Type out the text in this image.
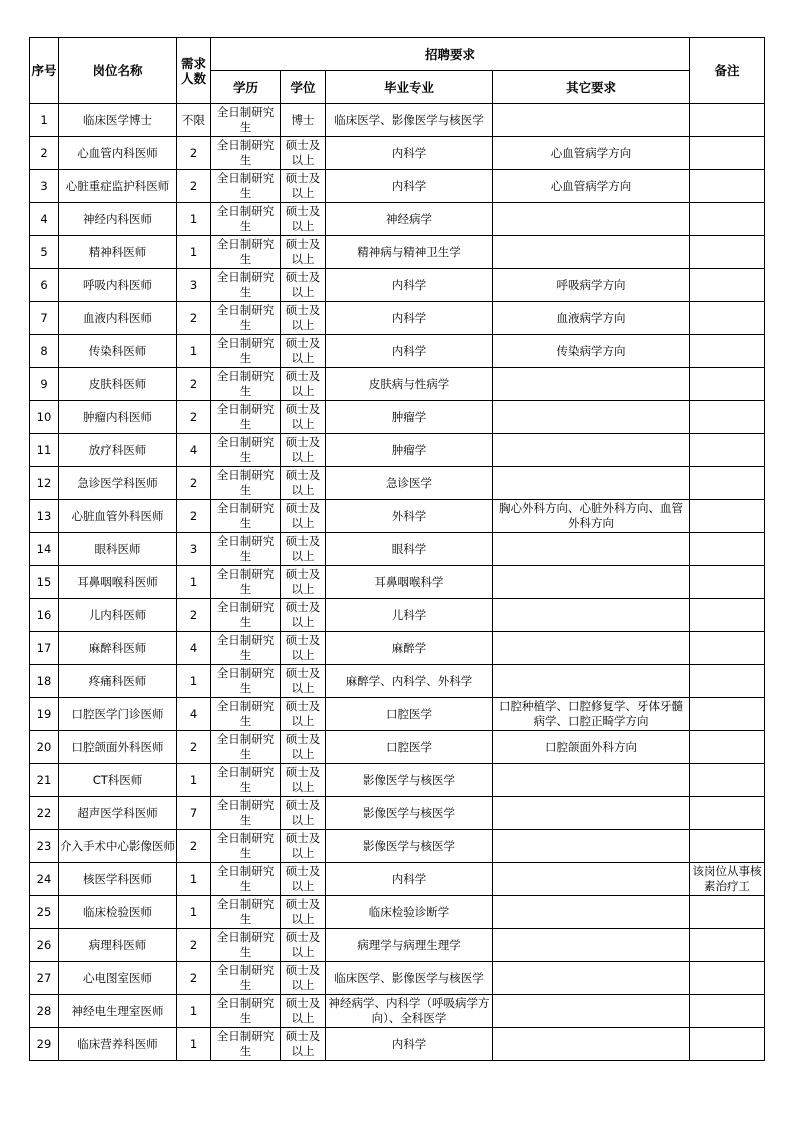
序号	岗位名称	需求人数	招聘要求				备注
			学历	学位	毕业专业	其它要求	
1	临床医学博士	不限	全日制研究生	博士	临床医学、影像医学与核医学		
2	心血管内科医师	2	全日制研究生	硕士及以上	内科学	心血管病学方向	
3	心脏重症监护科医师	2	全日制研究生	硕士及以上	内科学	心血管病学方向	
4	神经内科医师	1	全日制研究生	硕士及以上	神经病学		
5	精神科医师	1	全日制研究生	硕士及以上	精神病与精神卫生学		
6	呼吸内科医师	3	全日制研究生	硕士及以上	内科学	呼吸病学方向	
7	血液内科医师	2	全日制研究生	硕士及以上	内科学	血液病学方向	
8	传染科医师	1	全日制研究生	硕士及以上	内科学	传染病学方向	
9	皮肤科医师	2	全日制研究生	硕士及以上	皮肤病与性病学		
10	肿瘤内科医师	2	全日制研究生	硕士及以上	肿瘤学		
11	放疗科医师	4	全日制研究生	硕士及以上	肿瘤学		
12	急诊医学科医师	2	全日制研究生	硕士及以上	急诊医学		
13	心脏血管外科医师	2	全日制研究生	硕士及以上	外科学	胸心外科方向、心脏外科方向、血管外科方向	
14	眼科医师	3	全日制研究生	硕士及以上	眼科学		
15	耳鼻咽喉科医师	1	全日制研究生	硕士及以上	耳鼻咽喉科学		
16	儿内科医师	2	全日制研究生	硕士及以上	儿科学		
17	麻醉科医师	4	全日制研究生	硕士及以上	麻醉学		
18	疼痛科医师	1	全日制研究生	硕士及以上	麻醉学、内科学、外科学		
19	口腔医学门诊医师	4	全日制研究生	硕士及以上	口腔医学	口腔种植学、口腔修复学、牙体牙髓病学、口腔正畸学方向	
20	口腔颌面外科医师	2	全日制研究生	硕士及以上	口腔医学	口腔颌面外科方向	
21	CT科医师	1	全日制研究生	硕士及以上	影像医学与核医学		
22	超声医学科医师	7	全日制研究生	硕士及以上	影像医学与核医学		
23	介入手术中心影像医师	2	全日制研究生	硕士及以上	影像医学与核医学		
24	核医学科医师	1	全日制研究生	硕士及以上	内科学		该岗位从事核素治疗工
25	临床检验医师	1	全日制研究生	硕士及以上	临床检验诊断学		
26	病理科医师	2	全日制研究生	硕士及以上	病理学与病理生理学		
27	心电图室医师	2	全日制研究生	硕士及以上	临床医学、影像医学与核医学		
28	神经电生理室医师	1	全日制研究生	硕士及以上	神经病学、内科学（呼吸病学方向）、全科医学		
29	临床营养科医师	1	全日制研究生	硕士及以上	内科学		
